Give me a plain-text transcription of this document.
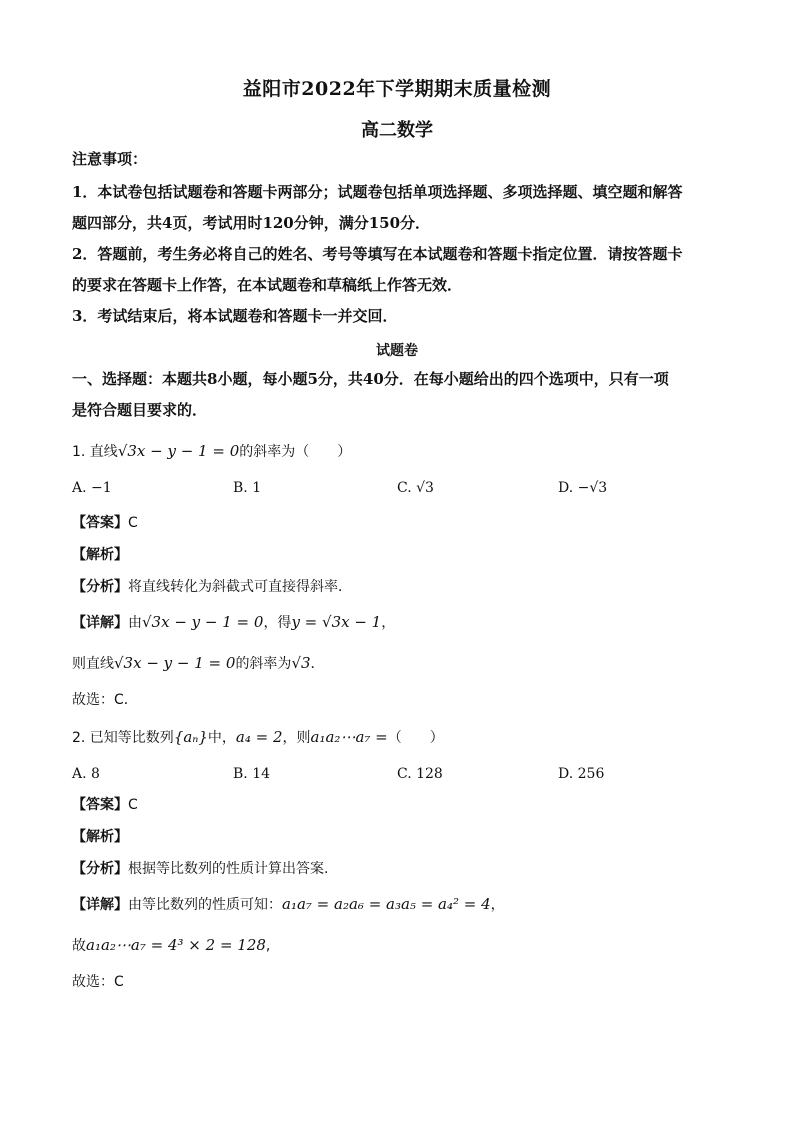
益阳市2022年下学期期末质量检测
高二数学
注意事项：
1．本试卷包括试题卷和答题卡两部分；试题卷包括单项选择题、多项选择题、填空题和解答
题四部分，共4页，考试用时120分钟，满分150分．
2．答题前，考生务必将自己的姓名、考号等填写在本试题卷和答题卡指定位置．请按答题卡
的要求在答题卡上作答，在本试题卷和草稿纸上作答无效．
3．考试结束后，将本试题卷和答题卡一并交回．
试题卷
一、选择题：本题共8小题，每小题5分，共40分．在每小题给出的四个选项中，只有一项
是符合题目要求的．
1. 直线√3x − y − 1 = 0的斜率为（　　）
A. −1	B. 1	C. √3	D. −√3
【答案】C
【解析】
【分析】将直线转化为斜截式可直接得斜率．
【详解】由√3x − y − 1 = 0，得y = √3x − 1，
则直线√3x − y − 1 = 0的斜率为√3．
故选：C．
2. 已知等比数列{aₙ}中，a₄ = 2，则a₁a₂⋯a₇ =（　　）
A. 8	B. 14	C. 128	D. 256
【答案】C
【解析】
【分析】根据等比数列的性质计算出答案.
【详解】由等比数列的性质可知：a₁a₇ = a₂a₆ = a₃a₅ = a₄² = 4，
故a₁a₂⋯a₇ = 4³ × 2 = 128,
故选：C
